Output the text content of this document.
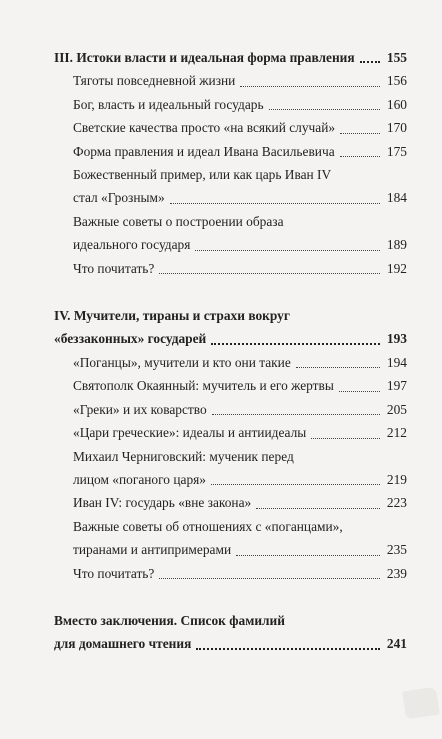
III. Истоки власти и идеальная форма правления 155
Тяготы повседневной жизни	156
Бог, власть и идеальный государь	160
Светские качества просто «на всякий случай»	170
Форма правления и идеал Ивана Васильевича	175
Божественный пример, или как царь Иван IV
стал «Грозным»	184
Важные советы о построении образа
идеального государя	189
Что почитать?	192
IV. Мучители, тираны и страхи вокруг
«беззаконных» государей	193
«Поганцы», мучители и кто они такие	194
Святополк Окаянный: мучитель и его жертвы	197
«Греки» и их коварство	205
«Цари греческие»: идеалы и антиидеалы	212
Михаил Черниговский: мученик перед
лицом «поганого царя»	219
Иван IV: государь «вне закона»	223
Важные советы об отношениях с «поганцами»,
тиранами и антипримерами	235
Что почитать?	239
Вместо заключения. Список фамилий
для домашнего чтения	241
